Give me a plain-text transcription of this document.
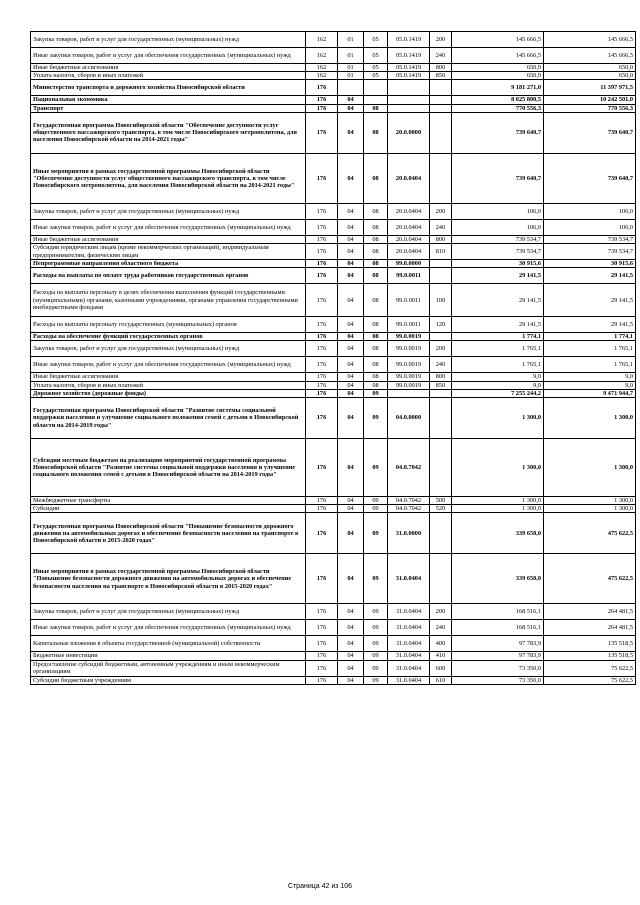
Закупка товаров, работ и услуг для государственных (муниципальных) нужд	162	01	05	05.0.1419	200	145 666,5	145 666,5
Иные закупки товаров, работ и услуг для обеспечения государственных (муниципальных) нужд	162	01	05	05.0.1419	240	145 666,5	145 666,5
Иные бюджетные ассигнования	162	01	05	05.0.1419	800	650,0	650,0
Уплата налогов, сборов и иных платежей	162	01	05	05.0.1419	850	650,0	650,0
Министерство транспорта и дорожного хозяйства Новосибирской области	176					9 181 271,0	11 397 971,5
Национальная экономика	176	04				8 025 800,5	10 242 501,0
Транспорт	176	04	08			770 556,3	770 556,3
Государственная программа Новосибирской области "Обеспечение доступности услуг общественного пассажирского транспорта, в том числе Новосибирского метрополитена, для населения Новосибирской области на 2014-2021 годы"	176	04	08	20.0.0000		739 640,7	739 640,7
Иные мероприятия в рамках государственной программы Новосибирской области "Обеспечение доступности услуг общественного пассажирского транспорта, в том числе Новосибирского метрополитена, для населения Новосибирской области на 2014-2021 годы"	176	04	08	20.0.0404		739 640,7	739 640,7
Закупка товаров, работ и услуг для государственных (муниципальных) нужд	176	04	08	20.0.0404	200	106,0	106,0
Иные закупки товаров, работ и услуг для обеспечения государственных (муниципальных) нужд	176	04	08	20.0.0404	240	106,0	106,0
Иные бюджетные ассигнования	176	04	08	20.0.0404	800	739 534,7	739 534,7
Субсидии юридическим лицам (кроме некоммерческих организаций), индивидуальным предпринимателям, физическим лицам	176	04	08	20.0.0404	810	739 534,7	739 534,7
Непрограммные направления областного бюджета	176	04	08	99.0.0000		30 915,6	30 915,6
Расходы на выплаты по оплате труда работников государственных органов	176	04	08	99.0.0011		29 141,5	29 141,5
Расходы на выплаты персоналу в целях обеспечения выполнения функций государственными (муниципальными) органами, казенными учреждениями, органами управления государственными внебюджетными фондами	176	04	08	99.0.0011	100	29 141,5	29 141,5
Расходы на выплаты персоналу государственных (муниципальных) органов	176	04	08	99.0.0011	120	29 141,5	29 141,5
Расходы на обеспечение функций государственных органов	176	04	08	99.0.0019		1 774,1	1 774,1
Закупка товаров, работ и услуг для государственных (муниципальных) нужд	176	04	08	99.0.0019	200	1 765,1	1 765,1
Иные закупки товаров, работ и услуг для обеспечения государственных (муниципальных) нужд	176	04	08	99.0.0019	240	1 765,1	1 765,1
Иные бюджетные ассигнования	176	04	08	99.0.0019	800	9,0	9,0
Уплата налогов, сборов и иных платежей	176	04	08	99.0.0019	850	9,0	9,0
Дорожное хозяйство (дорожные фонды)	176	04	09			7 255 244,2	9 471 944,7
Государственная программа Новосибирской области "Развитие системы социальной поддержки населения и улучшение социального положения семей с детьми в Новосибирской области на 2014-2019 годы"	176	04	09	04.0.0000		1 300,0	1 300,0
Субсидии местным бюджетам на реализацию мероприятий государственной программы Новосибирской области "Развитие системы социальной поддержки населения и улучшение социального положения семей с детьми в Новосибирской области на 2014-2019 годы"	176	04	09	04.0.7042		1 300,0	1 300,0
Межбюджетные трансферты	176	04	09	04.0.7042	500	1 300,0	1 300,0
Субсидии	176	04	09	04.0.7042	520	1 300,0	1 300,0
Государственная программа Новосибирской области "Повышение безопасности дорожного движения на автомобильных дорогах и обеспечение безопасности населения на транспорте в Новосибирской области в 2015-2020 годах"	176	04	09	31.0.0000		339 650,0	475 622,5
Иные мероприятия в рамках государственной программы Новосибирской области "Повышение безопасности дорожного движения на автомобильных дорогах и обеспечение безопасности населения на транспорте в Новосибирской области в 2015-2020 годах"	176	04	09	31.0.0404		339 650,0	475 622,5
Закупка товаров, работ и услуг для государственных (муниципальных) нужд	176	04	09	31.0.0404	200	168 516,1	264 481,5
Иные закупки товаров, работ и услуг для обеспечения государственных (муниципальных) нужд	176	04	09	31.0.0404	240	168 516,1	264 481,5
Капитальные вложения в объекты государственной (муниципальной) собственности	176	04	09	31.0.0404	400	97 783,9	135 518,5
Бюджетные инвестиции	176	04	09	31.0.0404	410	97 783,9	135 518,5
Предоставление субсидий бюджетным, автономным учреждениям и иным некоммерческим организациям	176	04	09	31.0.0404	600	73 350,0	75 622,5
Субсидии бюджетным учреждениям	176	04	09	31.0.0404	610	73 350,0	75 622,5
Страница 42 из 106
